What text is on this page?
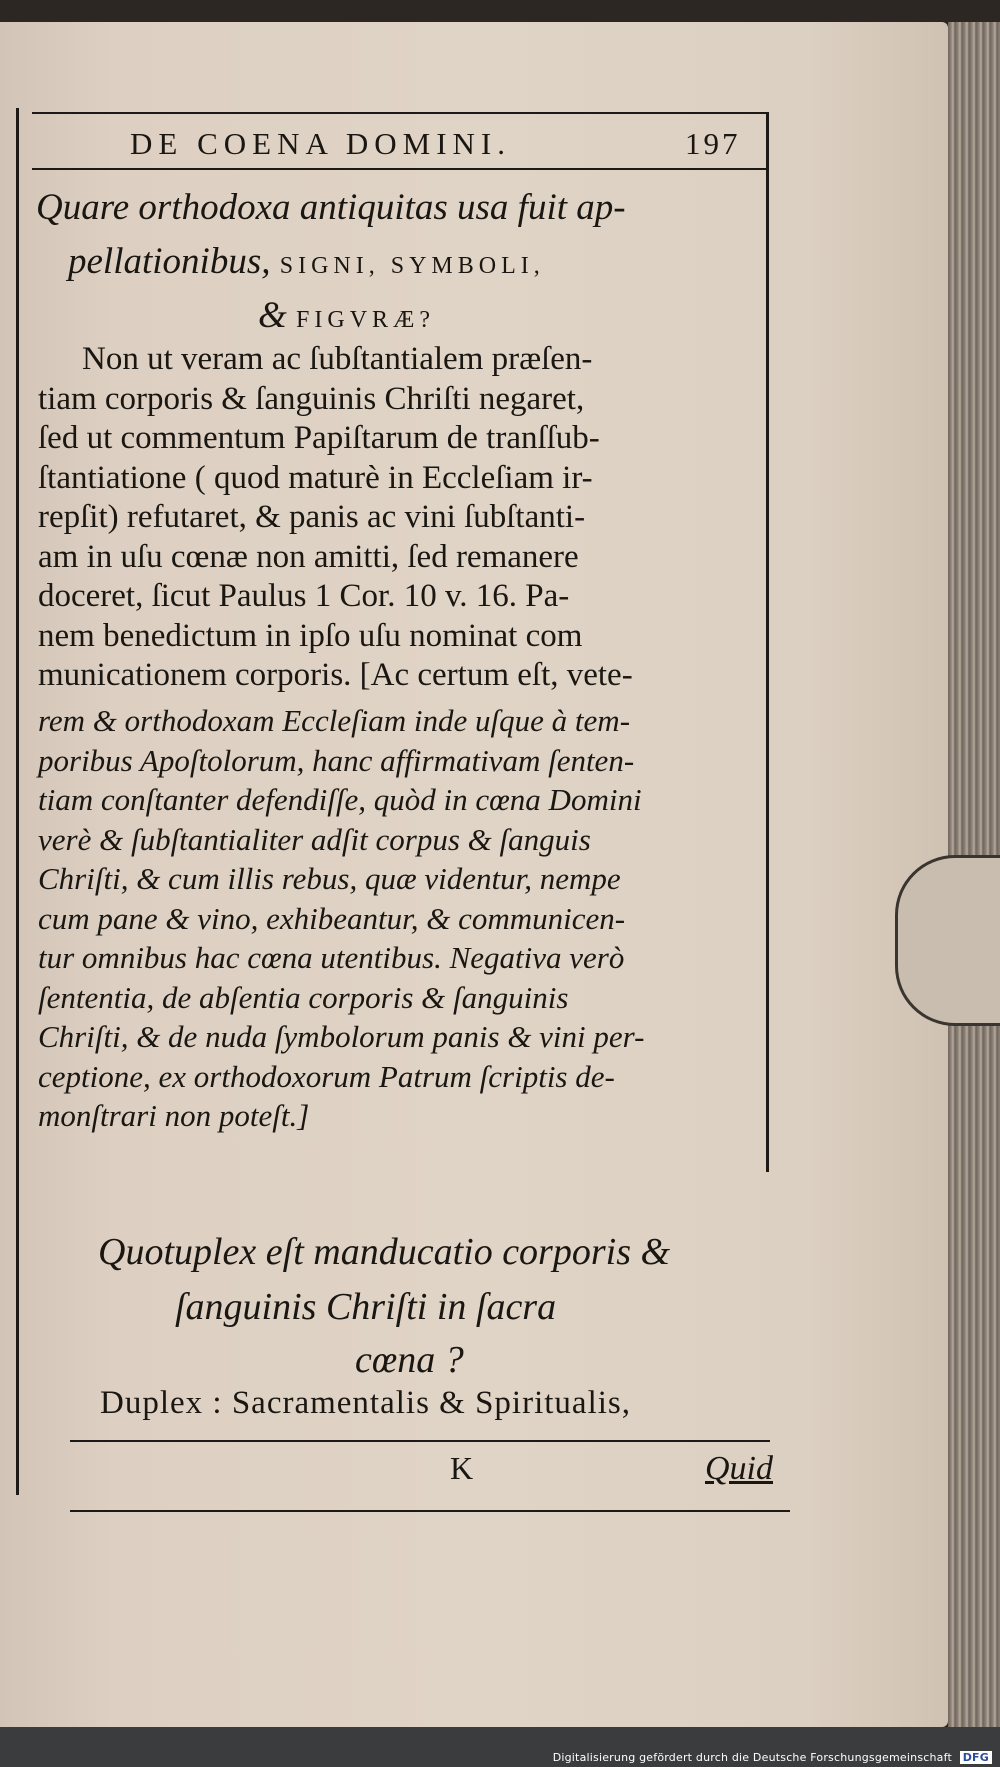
DE COENA DOMINI.	197
Quare orthodoxa antiquitas usa fuit ap-
pellationibus, SIGNI, SYMBOLI,
& FIGVRÆ?
Non ut veram ac ſubſtantialem præſen-
tiam corporis & ſanguinis Chriſti negaret,
ſed ut commentum Papiſtarum de tranſſub-
ſtantiatione ( quod maturè in Eccleſiam ir-
repſit) refutaret, & panis ac vini ſubſtanti-
am in uſu cœnæ non amitti, ſed remanere
doceret, ſicut Paulus 1 Cor. 10 v. 16. Pa-
nem benedictum in ipſo uſu nominat com
municationem corporis. [Ac certum eſt, vete-
rem & orthodoxam Eccleſiam inde uſque à tem-
poribus Apoſtolorum, hanc affirmativam ſenten-
tiam conſtanter defendiſſe, quòd in cœna Domini
verè & ſubſtantialiter adſit corpus & ſanguis
Chriſti, & cum illis rebus, quæ videntur, nempe
cum pane & vino, exhibeantur, & communicen-
tur omnibus hac cœna utentibus. Negativa verò
ſententia, de abſentia corporis & ſanguinis
Chriſti, & de nuda ſymbolorum panis & vini per-
ceptione, ex orthodoxorum Patrum ſcriptis de-
monſtrari non poteſt.]
Quotuplex eſt manducatio corporis &
ſanguinis Chriſti in ſacra
cœna ?
Duplex : Sacramentalis & Spiritualis,
K	Quid
Digitalisierung gefördert durch die Deutsche Forschungsgemeinschaft DFG
